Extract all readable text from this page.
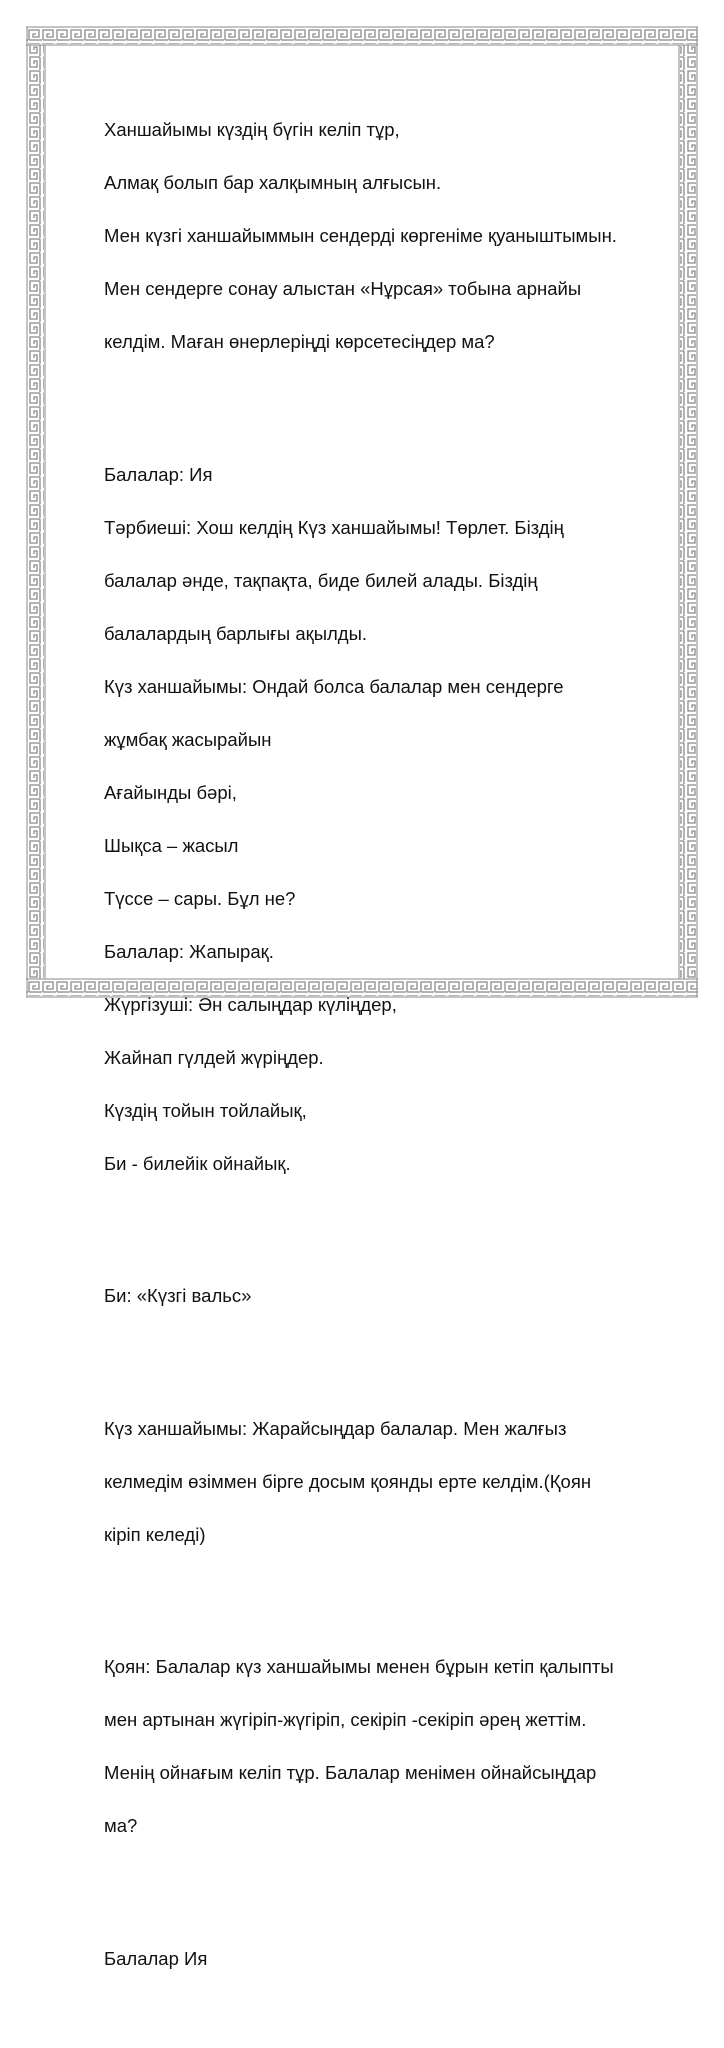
Ханшайымы күздің бүгін келіп тұр,

Алмақ болып бар халқымның алғысын.

Мен күзгі ханшайыммын сендерді көргеніме қуаныштымын.

Мен сендерге сонау алыстан «Нұрсая» тобына арнайы

келдім. Маған өнерлеріңді көрсетесіңдер ма?

Балалар: Ия

Тәрбиеші: Хош келдің Күз ханшайымы! Төрлет. Біздің

балалар әнде, тақпақта, биде билей алады. Біздің

балалардың барлығы ақылды.

Күз ханшайымы: Ондай болса балалар мен сендерге

жұмбақ жасырайын

Ағайынды бәрі,

Шықса – жасыл

Түссе – сары. Бұл не?

Балалар: Жапырақ.

Жүргізуші: Ән салыңдар күліңдер,

Жайнап гүлдей жүріңдер.

Күздің тойын тойлайық,

Би - билейік ойнайық.

Би: «Күзгі вальс»

Күз ханшайымы: Жарайсыңдар балалар. Мен жалғыз

келмедім өзіммен бірге досым қоянды ерте келдім.(Қоян

кіріп келеді)

Қоян: Балалар күз ханшайымы менен бұрын кетіп қалыпты

мен артынан жүгіріп-жүгіріп, секіріп -секіріп әрең жеттім.

Менің ойнағым келіп тұр. Балалар менімен ойнайсыңдар

ма?

Балалар Ия
